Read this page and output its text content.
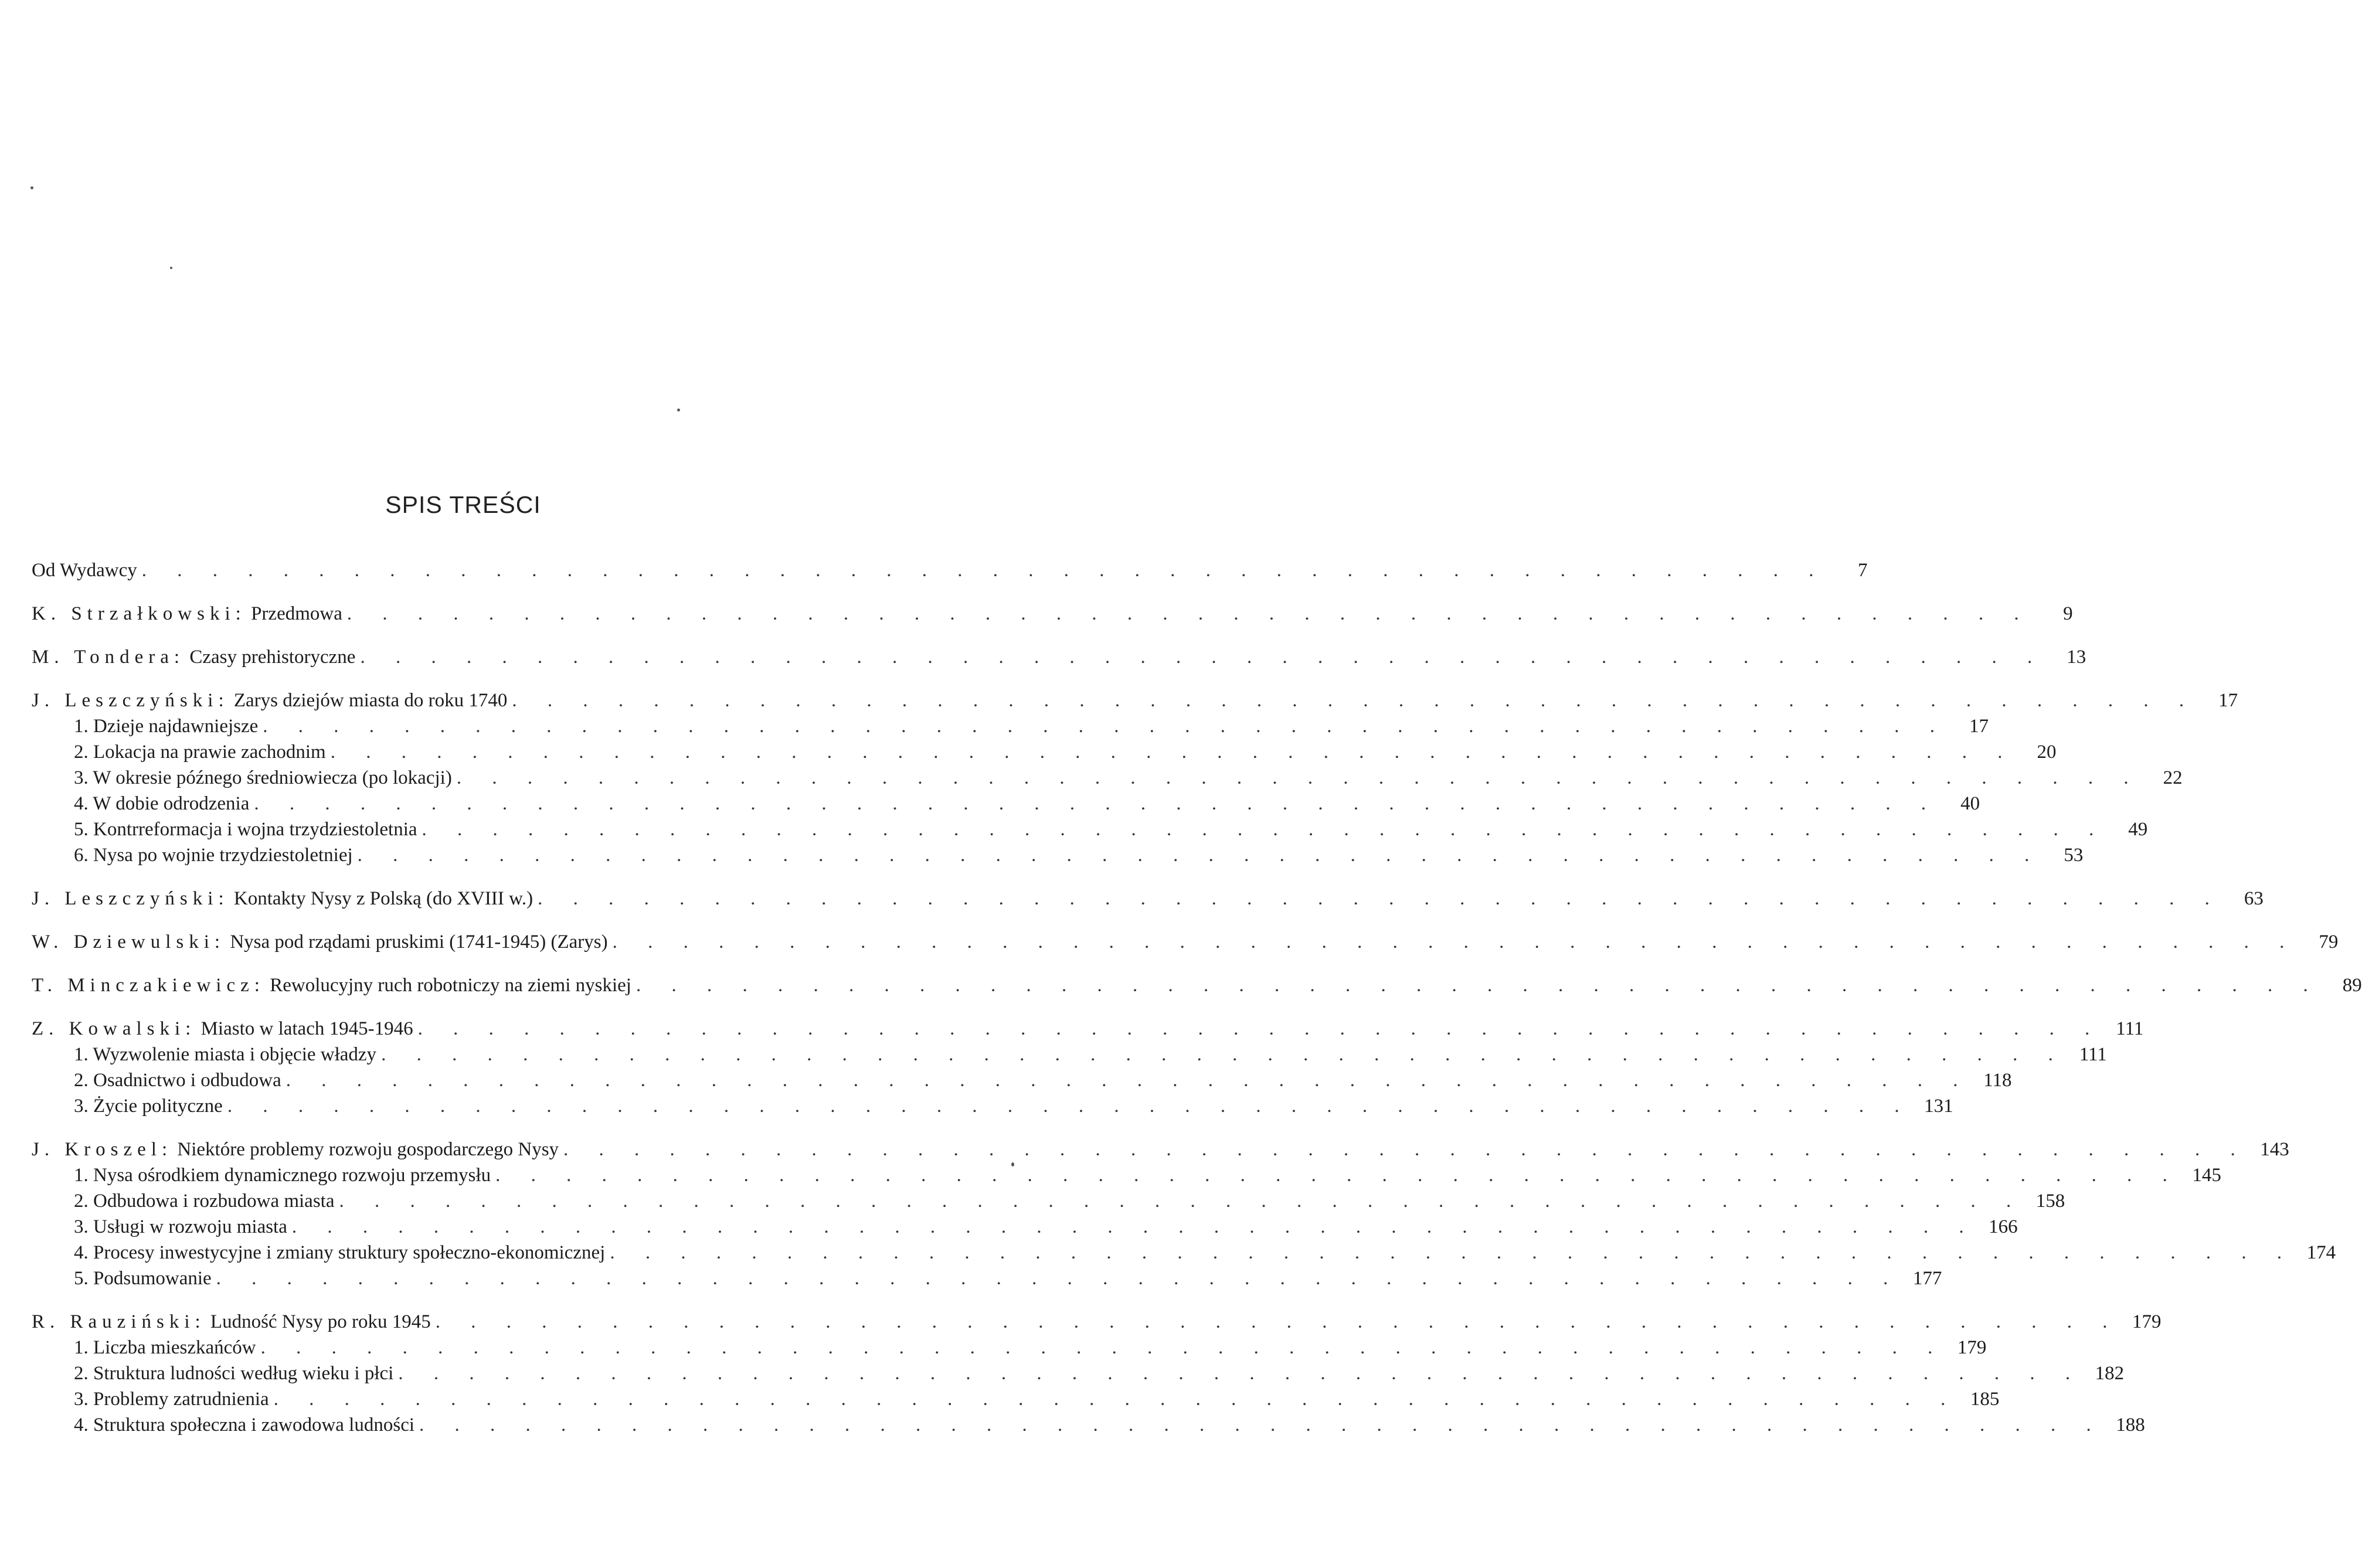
SPIS TREŚCI
Od Wydawcy . . . . . . . . . . . . . . . . . . . . . . . . . . . . . . . . . . . . . . . . . . . . . . . .	7
K. Strzałkowski: Przedmowa . . . . . . . . . . . . . . . . . . . . . . . . . . . . . . . . . . . . . . . . . . . . . . . .	9
M. Tondera: Czasy prehistoryczne . . . . . . . . . . . . . . . . . . . . . . . . . . . . . . . . . . . . . . . . . . . . . . . .	13
J. Leszczyński: Zarys dziejów miasta do roku 1740 . . . . . . . . . . . . . . . . . . . . . . . . . . . . . . . . . . . . . . . . . . . . . . . .	17
1. Dzieje najdawniejsze . . . . . . . . . . . . . . . . . . . . . . . . . . . . . . . . . . . . . . . . . . . . . . . .	17
2. Lokacja na prawie zachodnim . . . . . . . . . . . . . . . . . . . . . . . . . . . . . . . . . . . . . . . . . . . . . . . .	20
3. W okresie późnego średniowiecza (po lokacji) . . . . . . . . . . . . . . . . . . . . . . . . . . . . . . . . . . . . . . . . . . . . . . . .	22
4. W dobie odrodzenia . . . . . . . . . . . . . . . . . . . . . . . . . . . . . . . . . . . . . . . . . . . . . . . .	40
5. Kontrreformacja i wojna trzydziestoletnia . . . . . . . . . . . . . . . . . . . . . . . . . . . . . . . . . . . . . . . . . . . . . . . .	49
6. Nysa po wojnie trzydziestoletniej . . . . . . . . . . . . . . . . . . . . . . . . . . . . . . . . . . . . . . . . . . . . . . . .	53
J. Leszczyński: Kontakty Nysy z Polską (do XVIII w.) . . . . . . . . . . . . . . . . . . . . . . . . . . . . . . . . . . . . . . . . . . . . . . . .	63
W. Dziewulski: Nysa pod rządami pruskimi (1741-1945) (Zarys) . . . . . . . . . . . . . . . . . . . . . . . . . . . . . . . . . . . . . . . . . . . . . . . .	79
T. Minczakiewicz: Rewolucyjny ruch robotniczy na ziemi nyskiej . . . . . . . . . . . . . . . . . . . . . . . . . . . . . . . . . . . . . . . . . . . . . . . .	89
Z. Kowalski: Miasto w latach 1945-1946 . . . . . . . . . . . . . . . . . . . . . . . . . . . . . . . . . . . . . . . . . . . . . . . . 111
1. Wyzwolenie miasta i objęcie władzy . . . . . . . . . . . . . . . . . . . . . . . . . . . . . . . . . . . . . . . . . . . . . . . . 111
2. Osadnictwo i odbudowa . . . . . . . . . . . . . . . . . . . . . . . . . . . . . . . . . . . . . . . . . . . . . . . . 118
3. Życie polityczne . . . . . . . . . . . . . . . . . . . . . . . . . . . . . . . . . . . . . . . . . . . . . . . . 131
J. Kroszel: Niektóre problemy rozwoju gospodarczego Nysy . . . . . . . . . . . . . . . . . . . . . . . . . . . . . . . . . . . . . . . . . . . . . . . . 143
1. Nysa ośrodkiem dynamicznego rozwoju przemysłu . . . . . . . . . . . . . . . . . . . . . . . . . . . . . . . . . . . . . . . . . . . . . . . . 145
2. Odbudowa i rozbudowa miasta . . . . . . . . . . . . . . . . . . . . . . . . . . . . . . . . . . . . . . . . . . . . . . . . 158
3. Usługi w rozwoju miasta . . . . . . . . . . . . . . . . . . . . . . . . . . . . . . . . . . . . . . . . . . . . . . . . 166
4. Procesy inwestycyjne i zmiany struktury społeczno-ekonomicznej . . . . . . . . . . . . . . . . . . . . . . . . . . . . . . . . . . . . . . . . . . . . . . . . 174
5. Podsumowanie . . . . . . . . . . . . . . . . . . . . . . . . . . . . . . . . . . . . . . . . . . . . . . . . 177
R. Rauziński: Ludność Nysy po roku 1945 . . . . . . . . . . . . . . . . . . . . . . . . . . . . . . . . . . . . . . . . . . . . . . . . 179
1. Liczba mieszkańców . . . . . . . . . . . . . . . . . . . . . . . . . . . . . . . . . . . . . . . . . . . . . . . . 179
2. Struktura ludności według wieku i płci . . . . . . . . . . . . . . . . . . . . . . . . . . . . . . . . . . . . . . . . . . . . . . . . 182
3. Problemy zatrudnienia . . . . . . . . . . . . . . . . . . . . . . . . . . . . . . . . . . . . . . . . . . . . . . . . 185
4. Struktura społeczna i zawodowa ludności . . . . . . . . . . . . . . . . . . . . . . . . . . . . . . . . . . . . . . . . . . . . . . . . 188
